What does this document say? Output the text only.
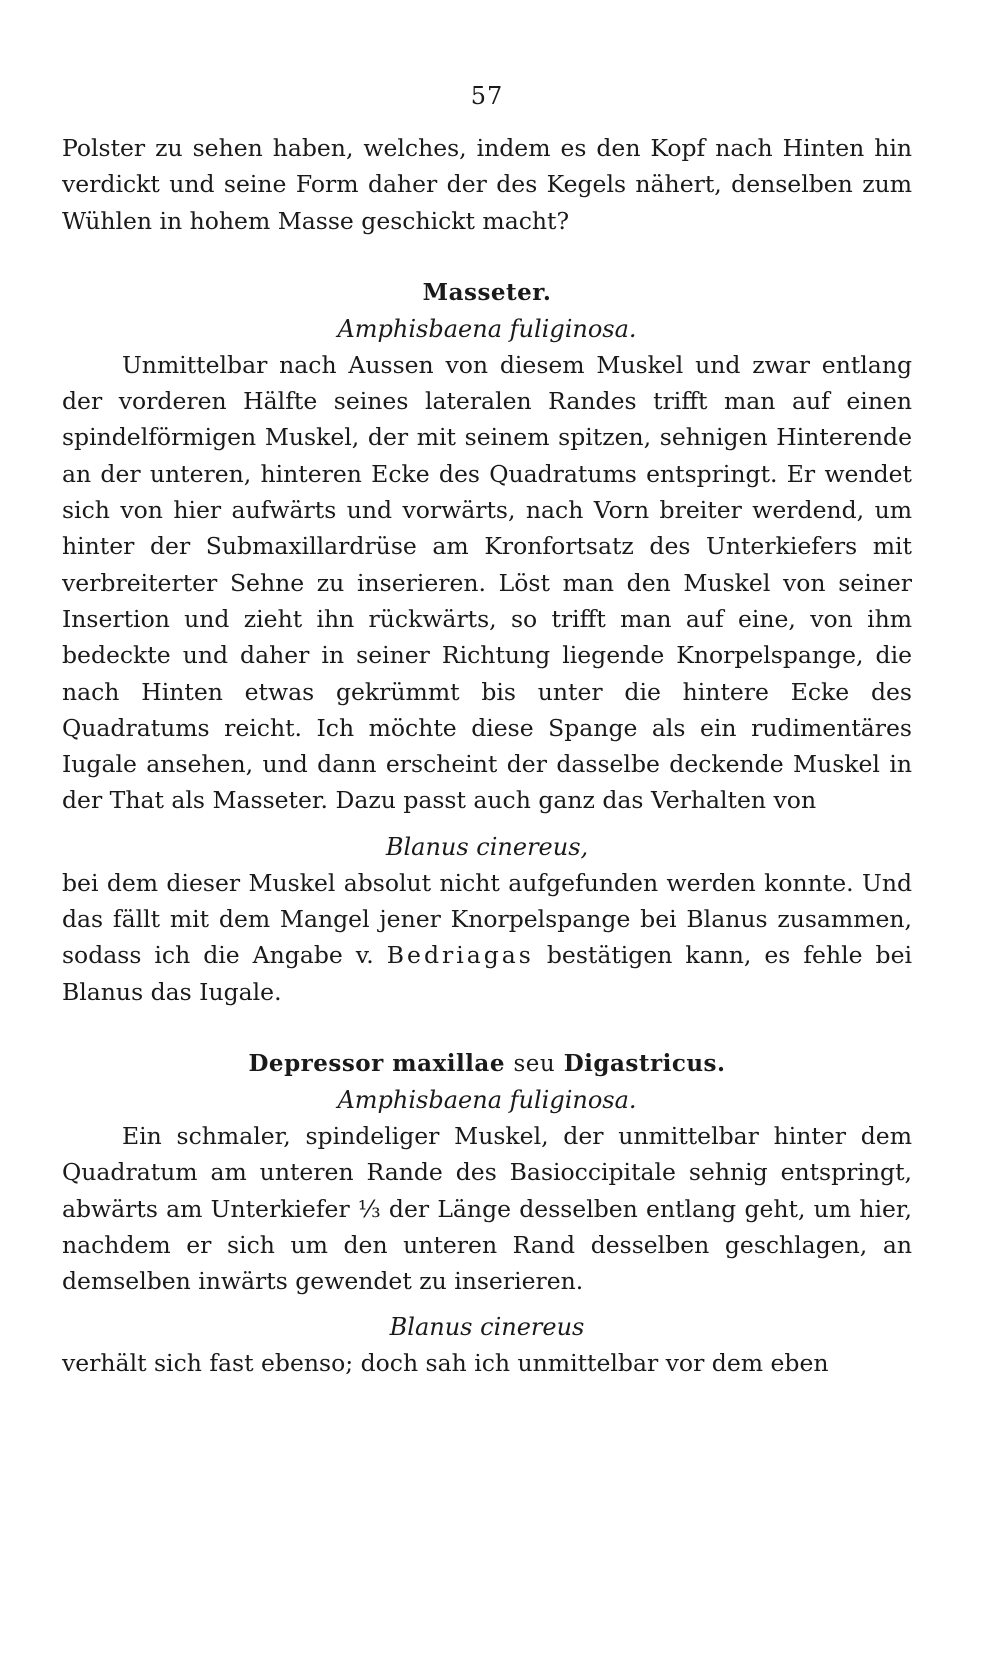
57

Polster zu sehen haben, welches, indem es den Kopf nach Hinten hin verdickt und seine Form daher der des Kegels nähert, denselben zum Wühlen in hohem Masse geschickt macht?

Masseter.
Amphisbaena fuliginosa.

Unmittelbar nach Aussen von diesem Muskel und zwar entlang der vorderen Hälfte seines lateralen Randes trifft man auf einen spindelförmigen Muskel, der mit seinem spitzen, sehnigen Hinterende an der unteren, hinteren Ecke des Quadratums entspringt. Er wendet sich von hier aufwärts und vorwärts, nach Vorn breiter werdend, um hinter der Submaxillardrüse am Kronfortsatz des Unterkiefers mit verbreiterter Sehne zu inserieren. Löst man den Muskel von seiner Insertion und zieht ihn rückwärts, so trifft man auf eine, von ihm bedeckte und daher in seiner Richtung liegende Knorpelspange, die nach Hinten etwas gekrümmt bis unter die hintere Ecke des Quadratums reicht. Ich möchte diese Spange als ein rudimentäres Iugale ansehen, und dann erscheint der dasselbe deckende Muskel in der That als Masseter. Dazu passt auch ganz das Verhalten von

Blanus cinereus,

bei dem dieser Muskel absolut nicht aufgefunden werden konnte. Und das fällt mit dem Mangel jener Knorpelspange bei Blanus zusammen, sodass ich die Angabe v. Bedriagas bestätigen kann, es fehle bei Blanus das Iugale.

Depressor maxillae seu Digastricus.
Amphisbaena fuliginosa.

Ein schmaler, spindeliger Muskel, der unmittelbar hinter dem Quadratum am unteren Rande des Basioccipitale sehnig entspringt, abwärts am Unterkiefer ⅓ der Länge desselben entlang geht, um hier, nachdem er sich um den unteren Rand desselben geschlagen, an demselben inwärts gewendet zu inserieren.

Blanus cinereus

verhält sich fast ebenso; doch sah ich unmittelbar vor dem eben
